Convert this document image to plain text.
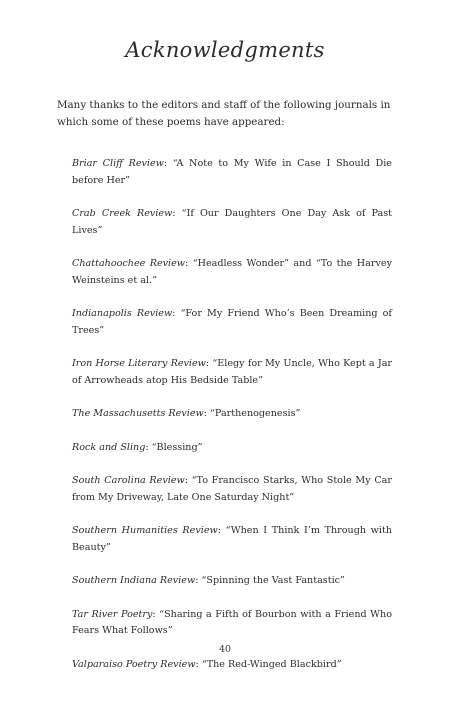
Acknowledgments
Many thanks to the editors and staff of the following journals in which some of these poems have appeared:
Briar Cliff Review: “A Note to My Wife in Case I Should Die before Her”
Crab Creek Review: “If Our Daughters One Day Ask of Past Lives”
Chattahoochee Review: “Headless Wonder” and “To the Harvey Weinsteins et al.”
Indianapolis Review: “For My Friend Who’s Been Dreaming of Trees”
Iron Horse Literary Review: “Elegy for My Uncle, Who Kept a Jar of Arrowheads atop His Bedside Table”
The Massachusetts Review: “Parthenogenesis”
Rock and Sling: “Blessing”
South Carolina Review: “To Francisco Starks, Who Stole My Car from My Driveway, Late One Saturday Night”
Southern Humanities Review: “When I Think I’m Through with Beauty”
Southern Indiana Review: “Spinning the Vast Fantastic”
Tar River Poetry: “Sharing a Fifth of Bourbon with a Friend Who Fears What Follows”
Valparaiso Poetry Review: “The Red-Winged Blackbird”
40
